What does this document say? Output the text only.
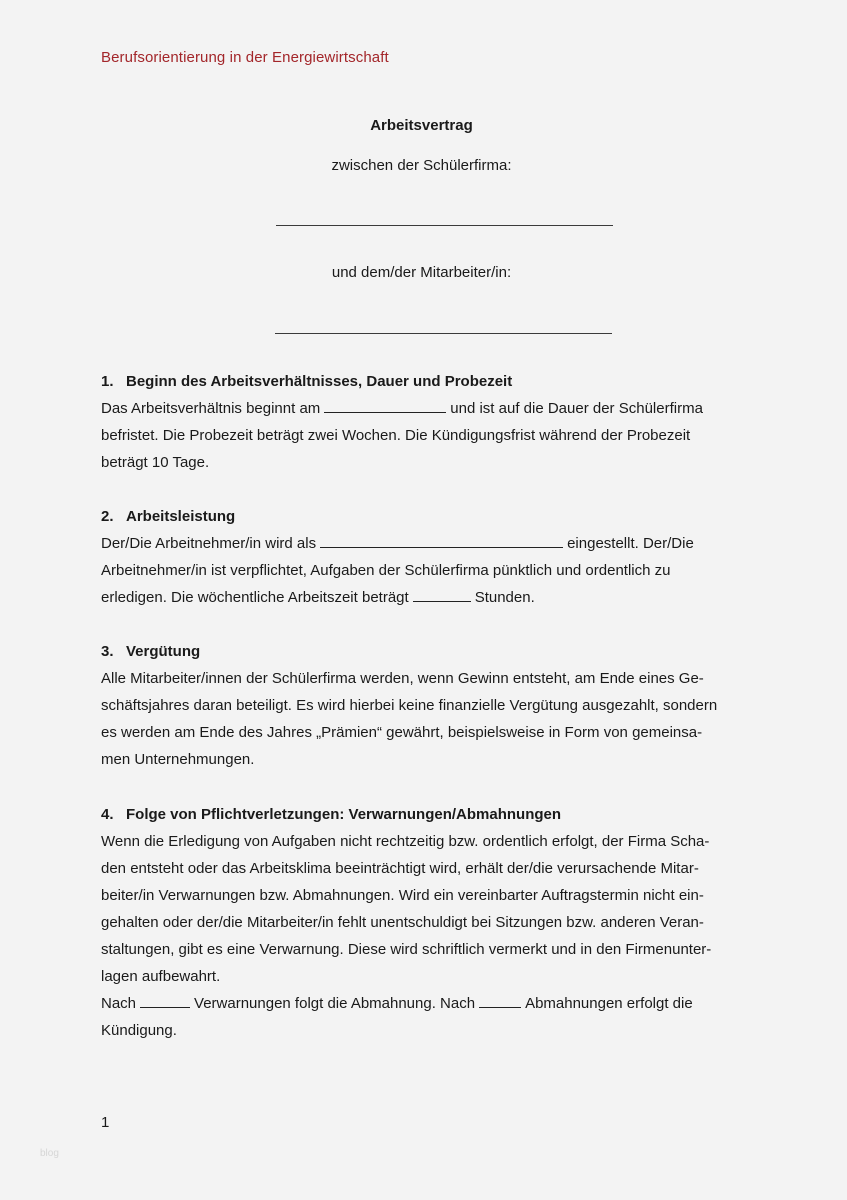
Berufsorientierung in der Energiewirtschaft
Arbeitsvertrag
zwischen der Schülerfirma:
und dem/der Mitarbeiter/in:
1. Beginn des Arbeitsverhältnisses, Dauer und Probezeit
Das Arbeitsverhältnis beginnt am	und ist auf die Dauer der Schülerfirma
befristet. Die Probezeit beträgt zwei Wochen. Die Kündigungsfrist während der Probezeit
beträgt 10 Tage.
2. Arbeitsleistung
Der/Die Arbeitnehmer/in wird als	eingestellt. Der/Die
Arbeitnehmer/in ist verpflichtet, Aufgaben der Schülerfirma pünktlich und ordentlich zu
erledigen. Die wöchentliche Arbeitszeit beträgt	Stunden.
3. Vergütung
Alle Mitarbeiter/innen der Schülerfirma werden, wenn Gewinn entsteht, am Ende eines Ge-
schäftsjahres daran beteiligt. Es wird hierbei keine finanzielle Vergütung ausgezahlt, sondern
es werden am Ende des Jahres „Prämien“ gewährt, beispielsweise in Form von gemeinsa-
men Unternehmungen.
4. Folge von Pflichtverletzungen: Verwarnungen/Abmahnungen
Wenn die Erledigung von Aufgaben nicht rechtzeitig bzw. ordentlich erfolgt, der Firma Scha-
den entsteht oder das Arbeitsklima beeinträchtigt wird, erhält der/die verursachende Mitar-
beiter/in Verwarnungen bzw. Abmahnungen. Wird ein vereinbarter Auftragstermin nicht ein-
gehalten oder der/die Mitarbeiter/in fehlt unentschuldigt bei Sitzungen bzw. anderen Veran-
staltungen, gibt es eine Verwarnung. Diese wird schriftlich vermerkt und in den Firmenunter-
lagen aufbewahrt.
Nach	Verwarnungen folgt die Abmahnung. Nach	Abmahnungen erfolgt die
Kündigung.
1
blog
